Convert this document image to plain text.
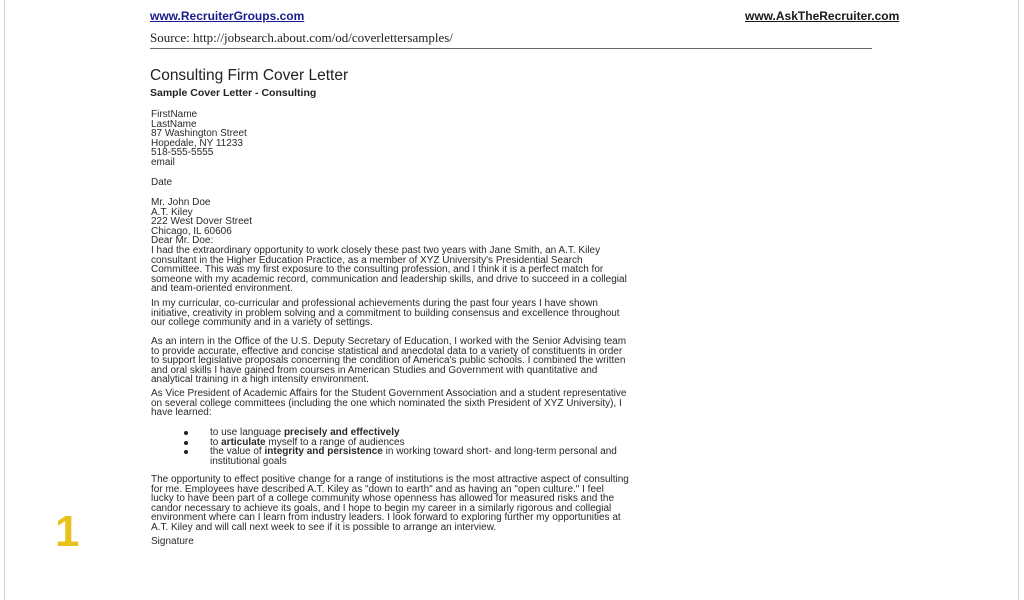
www.RecruiterGroups.com	www.AskTheRecruiter.com
Source: http://jobsearch.about.com/od/coverlettersamples/
Consulting Firm Cover Letter
Sample Cover Letter - Consulting
FirstName
LastName
87 Washington Street
Hopedale, NY 11233
518-555-5555
email
Date
Mr. John Doe
A.T. Kiley
222 West Dover Street
Chicago, IL 60606
Dear Mr. Doe:
I had the extraordinary opportunity to work closely these past two years with Jane Smith, an A.T. Kiley
consultant in the Higher Education Practice, as a member of XYZ University's Presidential Search
Committee. This was my first exposure to the consulting profession, and I think it is a perfect match for
someone with my academic record, communication and leadership skills, and drive to succeed in a collegial
and team-oriented environment.
In my curricular, co-curricular and professional achievements during the past four years I have shown
initiative, creativity in problem solving and a commitment to building consensus and excellence throughout
our college community and in a variety of settings.
As an intern in the Office of the U.S. Deputy Secretary of Education, I worked with the Senior Advising team
to provide accurate, effective and concise statistical and anecdotal data to a variety of constituents in order
to support legislative proposals concerning the condition of America's public schools. I combined the written
and oral skills I have gained from courses in American Studies and Government with quantitative and
analytical training in a high intensity environment.
As Vice President of Academic Affairs for the Student Government Association and a student representative
on several college committees (including the one which nominated the sixth President of XYZ University), I
have learned:
to use language precisely and effectively
to articulate myself to a range of audiences
the value of integrity and persistence in working toward short- and long-term personal and
institutional goals
The opportunity to effect positive change for a range of institutions is the most attractive aspect of consulting
for me. Employees have described A.T. Kiley as "down to earth" and as having an "open culture." I feel
lucky to have been part of a college community whose openness has allowed for measured risks and the
candor necessary to achieve its goals, and I hope to begin my career in a similarly rigorous and collegial
environment where can I learn from industry leaders. I look forward to exploring further my opportunities at
A.T. Kiley and will call next week to see if it is possible to arrange an interview.
Signature
1
